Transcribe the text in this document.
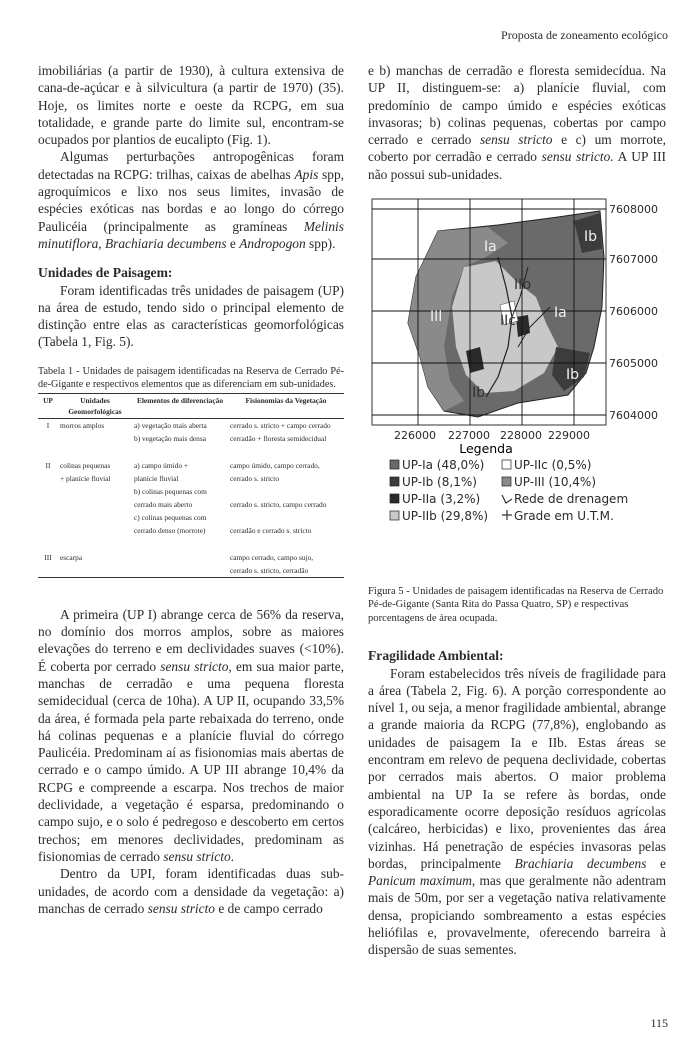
Proposta de zoneamento ecológico

imobiliárias (a partir de 1930), à cultura extensiva de cana-de-açúcar e à silvicultura (a partir de 1970) (35). Hoje, os limites norte e oeste da RCPG, em sua totalidade, e grande parte do limite sul, encontram-se ocupados por plantios de eucalipto (Fig. 1).

Algumas perturbações antropogênicas foram detectadas na RCPG: trilhas, caixas de abelhas Apis spp, agroquímicos e lixo nos seus limites, invasão de espécies exóticas nas bordas e ao longo do córrego Paulicéia (principalmente as gramíneas Melinis minutiflora, Brachiaria decumbens e Andropogon spp).

Unidades de Paisagem:

Foram identificadas três unidades de paisagem (UP) na área de estudo, tendo sido o principal elemento de distinção entre elas as características geomorfológicas (Tabela 1, Fig. 5).

Tabela 1 - Unidades de paisagem identificadas na Reserva de Cerrado Pé-de-Gigante e respectivos elementos que as diferenciam em sub-unidades.

UP	Unidades Geomorfológicas	Elementos de diferenciação	Fisionomias da Vegetação
I	morros amplos	a) vegetação mais aberta	cerrado s. stricto + campo cerrado
		b) vegetação mais densa	cerradão + floresta semidecidual

II	colinas pequenas	a) campo úmido +	campo úmido, campo cerrado,
	+ planície fluvial	planície fluvial	cerrado s. stricto
		b) colinas pequenas com	
		cerrado mais aberto	cerrado s. stricto, campo cerrado
		c) colinas pequenas com	
		cerrado denso (morrote)	cerradão e cerrado s. stricto

III	escarpa		campo cerrado, campo sujo,
			cerrado s. stricto, cerradão

A primeira (UP I) abrange cerca de 56% da reserva, no domínio dos morros amplos, sobre as maiores elevações do terreno e em declividades suaves (<10%). É coberta por cerrado sensu stricto, em sua maior parte, manchas de cerradão e uma pequena floresta semidecidual (cerca de 10ha). A UP II, ocupando 33,5% da área, é formada pela parte rebaixada do terreno, onde há colinas pequenas e a planície fluvial do córrego Paulicéia. Predominam aí as fisionomias mais abertas de cerrado e o campo úmido. A UP III abrange 10,4% da RCPG e compreende a escarpa. Nos trechos de maior declividade, a vegetação é esparsa, predominando o campo sujo, e o solo é pedregoso e descoberto em certos trechos; em menores declividades, predominam as fisionomias de cerrado sensu stricto.

Dentro da UPI, foram identificadas duas sub-unidades, de acordo com a densidade da vegetação: a) manchas de cerrado sensu stricto e de campo cerrado

e b) manchas de cerradão e floresta semidecídua. Na UP II, distinguem-se: a) planície fluvial, com predomínio de campo úmido e espécies exóticas invasoras; b) colinas pequenas, cobertas por campo cerrado e cerrado sensu stricto e c) um morrote, coberto por cerradão e cerrado sensu stricto. A UP III não possui sub-unidades.

Ia
Ib
IIb
IIc
Ib
III
IIb
Ia
7608000
7607000
7606000
7605000
7604000
226000 227000 228000 229000
Legenda
UP-Ia (48,0%) UP-IIc (0,5%)
UP-Ib (8,1%)	UP-III (10,4%)
UP-IIa (3,2%)	Rede de drenagem
UP-IIb (29,8%) Grade em U.T.M.

Figura 5 - Unidades de paisagem identificadas na Reserva de Cerrado Pé-de-Gigante (Santa Rita do Passa Quatro, SP) e respectivas porcentagens de área ocupada.

Fragilidade Ambiental:

Foram estabelecidos três níveis de fragilidade para a área (Tabela 2, Fig. 6). A porção correspondente ao nível 1, ou seja, a menor fragilidade ambiental, abrange a grande maioria da RCPG (77,8%), englobando as unidades de paisagem Ia e IIb. Estas áreas se encontram em relevo de pequena declividade, cobertas por cerrados mais abertos. O maior problema ambiental na UP Ia se refere às bordas, onde esporadicamente ocorre deposição resíduos agrícolas (calcáreo, herbicidas) e lixo, provenientes das área vizinhas. Há penetração de espécies invasoras pelas bordas, principalmente Brachiaria decumbens e Panicum maximum, mas que geralmente não adentram mais de 50m, por ser a vegetação nativa relativamente densa, propiciando sombreamento a estas espécies heliófilas e, provavelmente, oferecendo barreira à dispersão de suas sementes.

115
